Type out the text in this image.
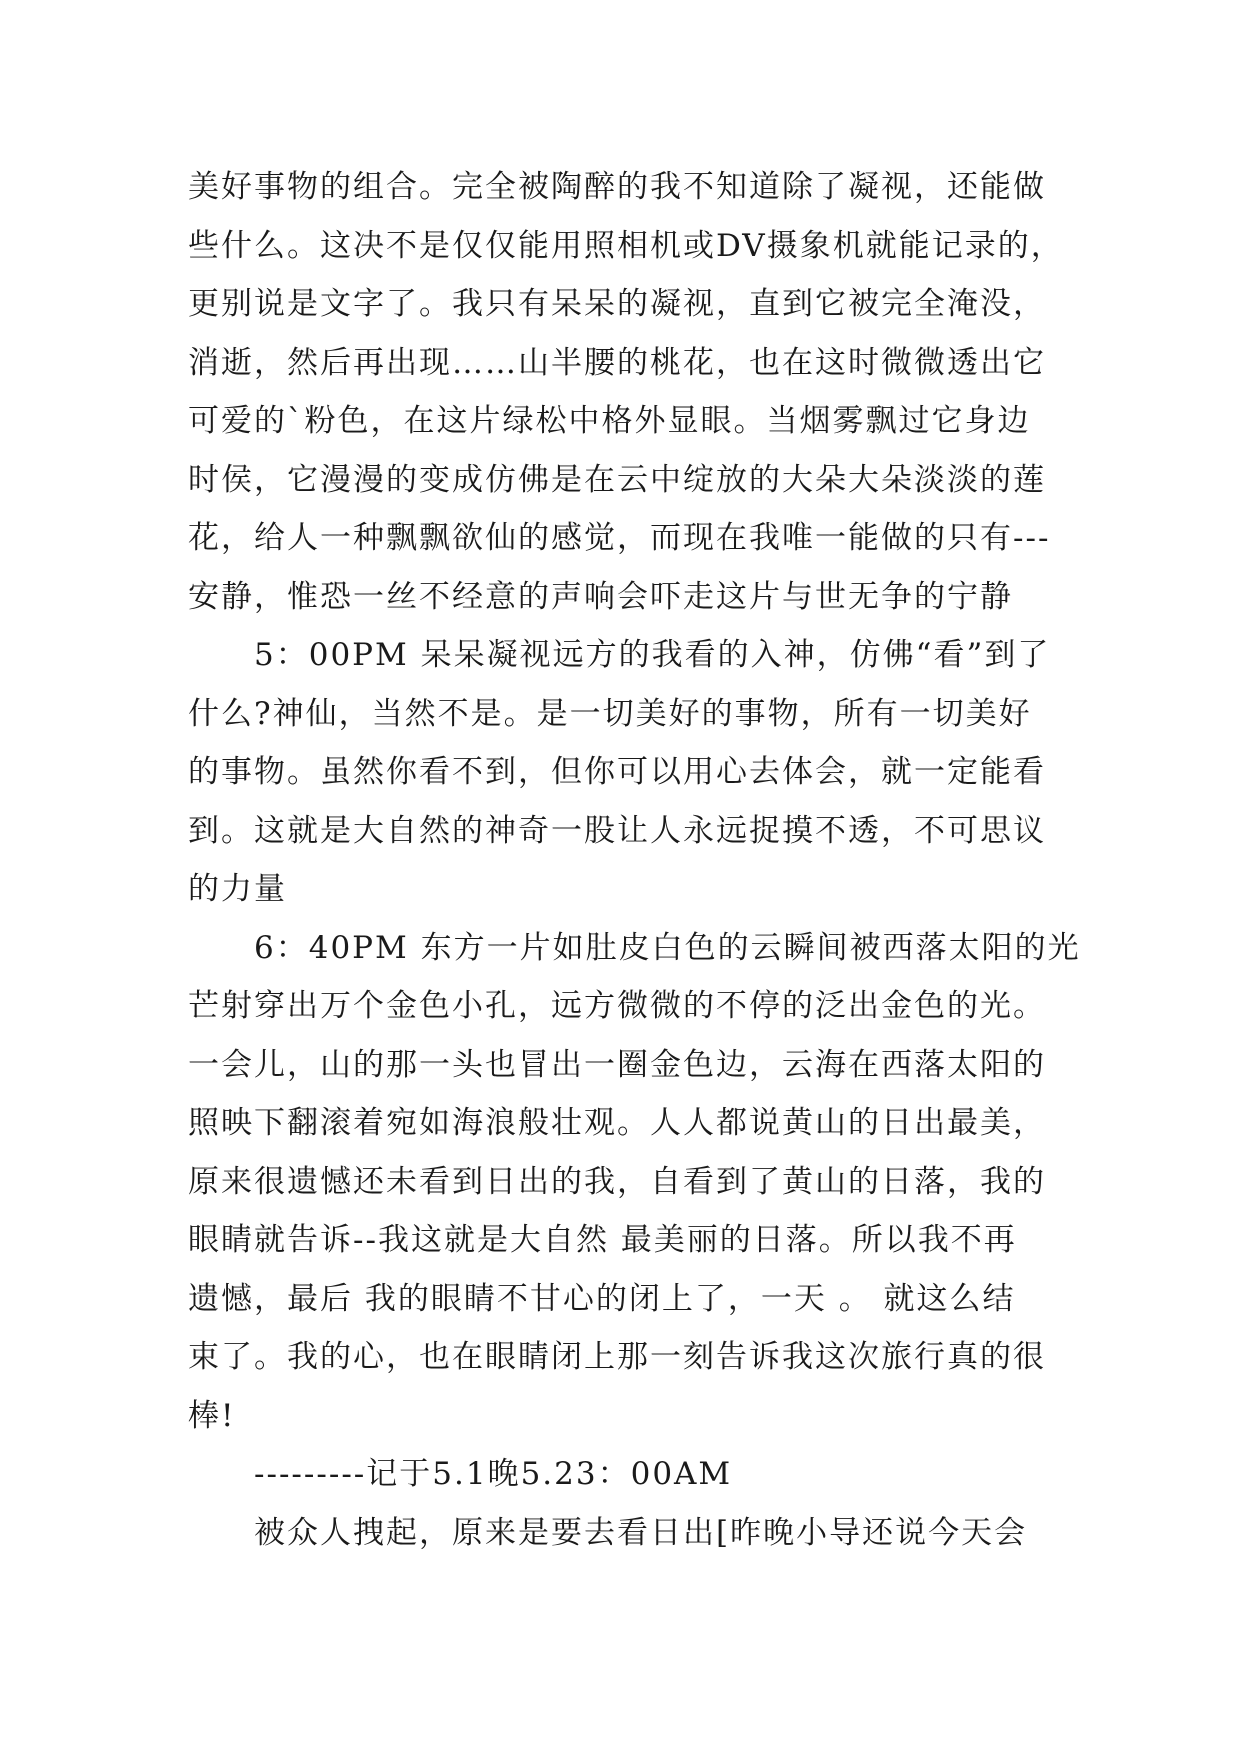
美好事物的组合。完全被陶醉的我不知道除了凝视，还能做
些什么。这决不是仅仅能用照相机或DV摄象机就能记录的，
更别说是文字了。我只有呆呆的凝视，直到它被完全淹没，
消逝，然后再出现……山半腰的桃花，也在这时微微透出它
可爱的`粉色，在这片绿松中格外显眼。当烟雾飘过它身边
时侯，它漫漫的变成仿佛是在云中绽放的大朵大朵淡淡的莲
花，给人一种飘飘欲仙的感觉，而现在我唯一能做的只有---
安静，惟恐一丝不经意的声响会吓走这片与世无争的宁静
5：00PM 呆呆凝视远方的我看的入神，仿佛“看”到了
什么?神仙，当然不是。是一切美好的事物，所有一切美好
的事物。虽然你看不到，但你可以用心去体会，就一定能看
到。这就是大自然的神奇一股让人永远捉摸不透，不可思议
的力量
6：40PM 东方一片如肚皮白色的云瞬间被西落太阳的光
芒射穿出万个金色小孔，远方微微的不停的泛出金色的光。
一会儿，山的那一头也冒出一圈金色边，云海在西落太阳的
照映下翻滚着宛如海浪般壮观。人人都说黄山的日出最美，
原来很遗憾还未看到日出的我，自看到了黄山的日落，我的
眼睛就告诉--我这就是大自然 最美丽的日落。所以我不再
遗憾，最后 我的眼睛不甘心的闭上了，一天 。 就这么结
束了。我的心，也在眼睛闭上那一刻告诉我这次旅行真的很
棒!
---------记于5.1晚5.23：00AM
被众人拽起，原来是要去看日出[昨晚小导还说今天会
